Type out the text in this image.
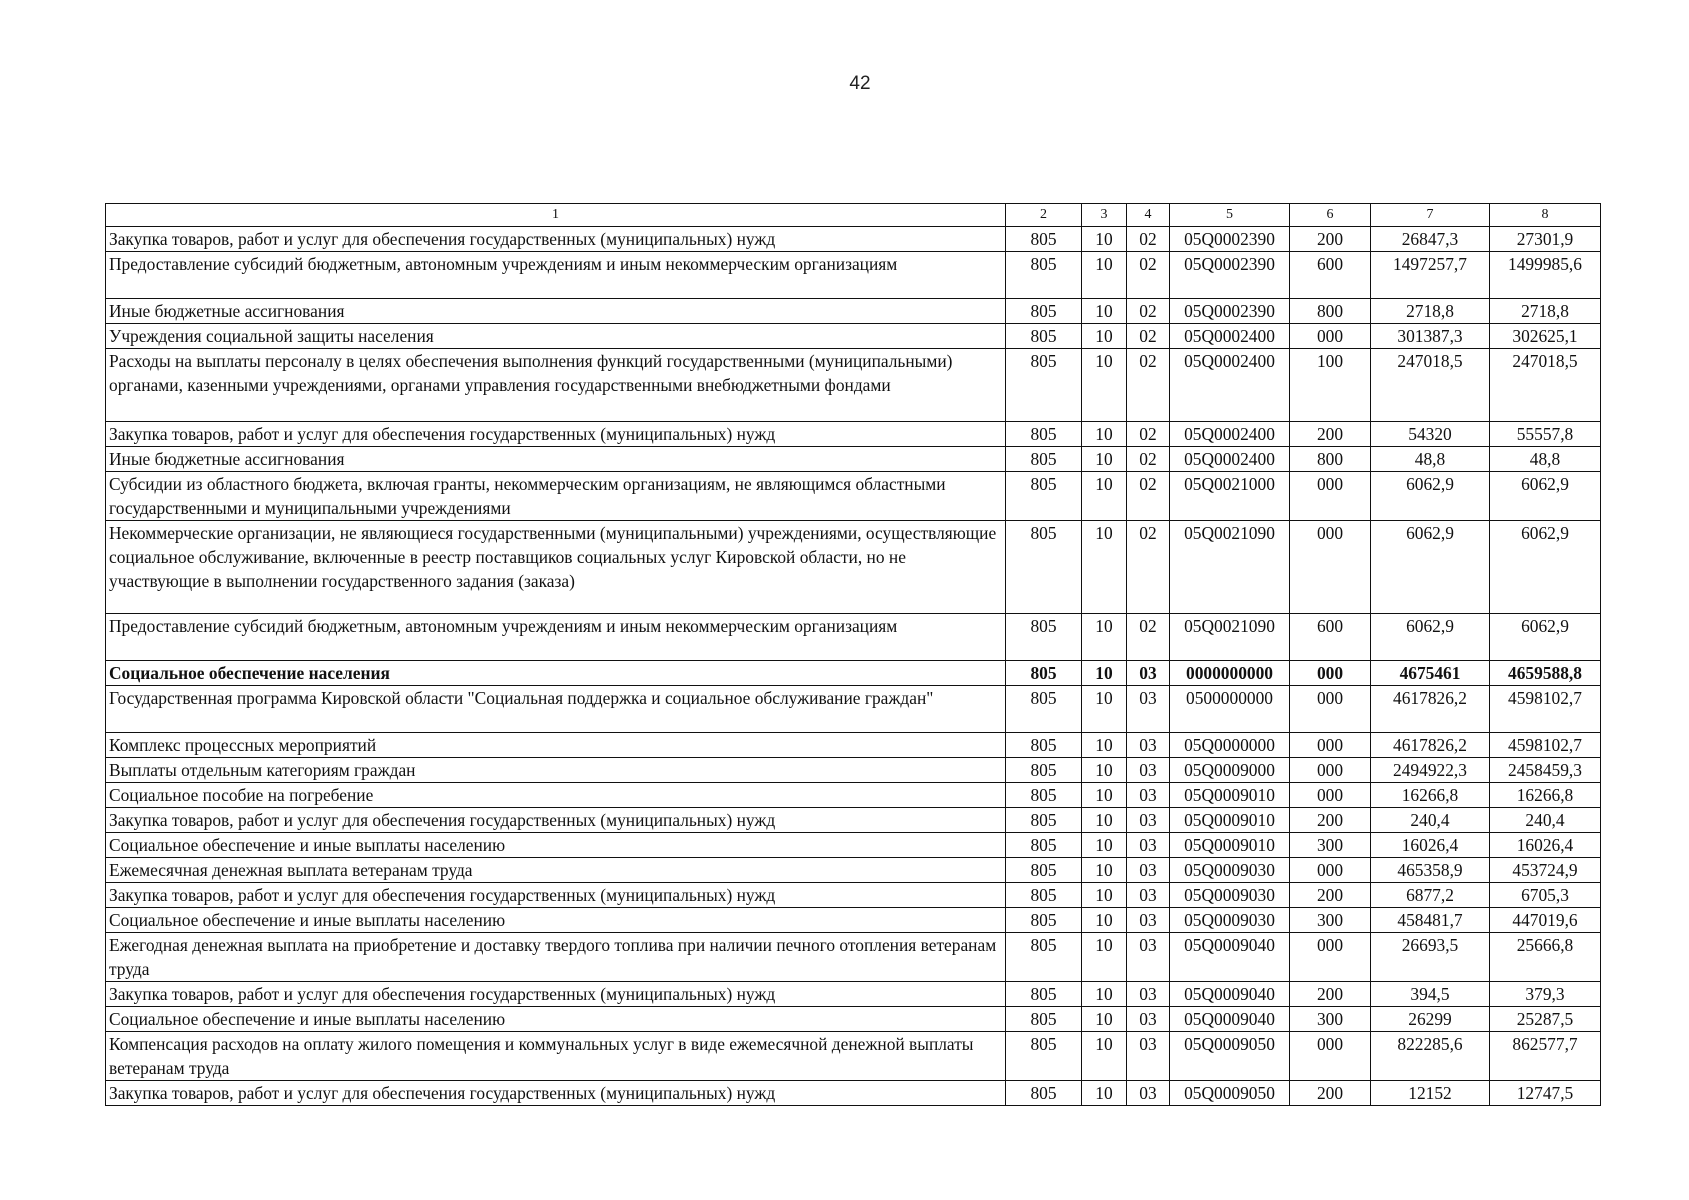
42
1	2	3	4	5	6	7	8
Закупка товаров, работ и услуг для обеспечения государственных (муниципальных) нужд	805	10	02	05Q0002390	200	26847,3	27301,9
Предоставление субсидий бюджетным, автономным учреждениям и иным некоммерческим организациям	805	10	02	05Q0002390	600	1497257,7	1499985,6
Иные бюджетные ассигнования	805	10	02	05Q0002390	800	2718,8	2718,8
Учреждения социальной защиты населения	805	10	02	05Q0002400	000	301387,3	302625,1
Расходы на выплаты персоналу в целях обеспечения выполнения функций государственными (муниципальными) органами, казенными учреждениями, органами управления государственными внебюджетными фондами	805	10	02	05Q0002400	100	247018,5	247018,5
Закупка товаров, работ и услуг для обеспечения государственных (муниципальных) нужд	805	10	02	05Q0002400	200	54320	55557,8
Иные бюджетные ассигнования	805	10	02	05Q0002400	800	48,8	48,8
Субсидии из областного бюджета, включая гранты, некоммерческим организациям, не являющимся областными государственными и муниципальными учреждениями	805	10	02	05Q0021000	000	6062,9	6062,9
Некоммерческие организации, не являющиеся государственными (муниципальными) учреждениями, осуществляющие социальное обслуживание, включенные в реестр поставщиков социальных услуг Кировской области, но не участвующие в выполнении государственного задания (заказа)	805	10	02	05Q0021090	000	6062,9	6062,9
Предоставление субсидий бюджетным, автономным учреждениям и иным некоммерческим организациям	805	10	02	05Q0021090	600	6062,9	6062,9
Социальное обеспечение населения	805	10	03	0000000000	000	4675461	4659588,8
Государственная программа Кировской области "Социальная поддержка и социальное обслуживание граждан"	805	10	03	0500000000	000	4617826,2	4598102,7
Комплекс процессных мероприятий	805	10	03	05Q0000000	000	4617826,2	4598102,7
Выплаты отдельным категориям граждан	805	10	03	05Q0009000	000	2494922,3	2458459,3
Социальное пособие на погребение	805	10	03	05Q0009010	000	16266,8	16266,8
Закупка товаров, работ и услуг для обеспечения государственных (муниципальных) нужд	805	10	03	05Q0009010	200	240,4	240,4
Социальное обеспечение и иные выплаты населению	805	10	03	05Q0009010	300	16026,4	16026,4
Ежемесячная денежная выплата ветеранам труда	805	10	03	05Q0009030	000	465358,9	453724,9
Закупка товаров, работ и услуг для обеспечения государственных (муниципальных) нужд	805	10	03	05Q0009030	200	6877,2	6705,3
Социальное обеспечение и иные выплаты населению	805	10	03	05Q0009030	300	458481,7	447019,6
Ежегодная денежная выплата на приобретение и доставку твердого топлива при наличии печного отопления ветеранам труда	805	10	03	05Q0009040	000	26693,5	25666,8
Закупка товаров, работ и услуг для обеспечения государственных (муниципальных) нужд	805	10	03	05Q0009040	200	394,5	379,3
Социальное обеспечение и иные выплаты населению	805	10	03	05Q0009040	300	26299	25287,5
Компенсация расходов на оплату жилого помещения и коммунальных услуг в виде ежемесячной денежной выплаты ветеранам труда	805	10	03	05Q0009050	000	822285,6	862577,7
Закупка товаров, работ и услуг для обеспечения государственных (муниципальных) нужд	805	10	03	05Q0009050	200	12152	12747,5
